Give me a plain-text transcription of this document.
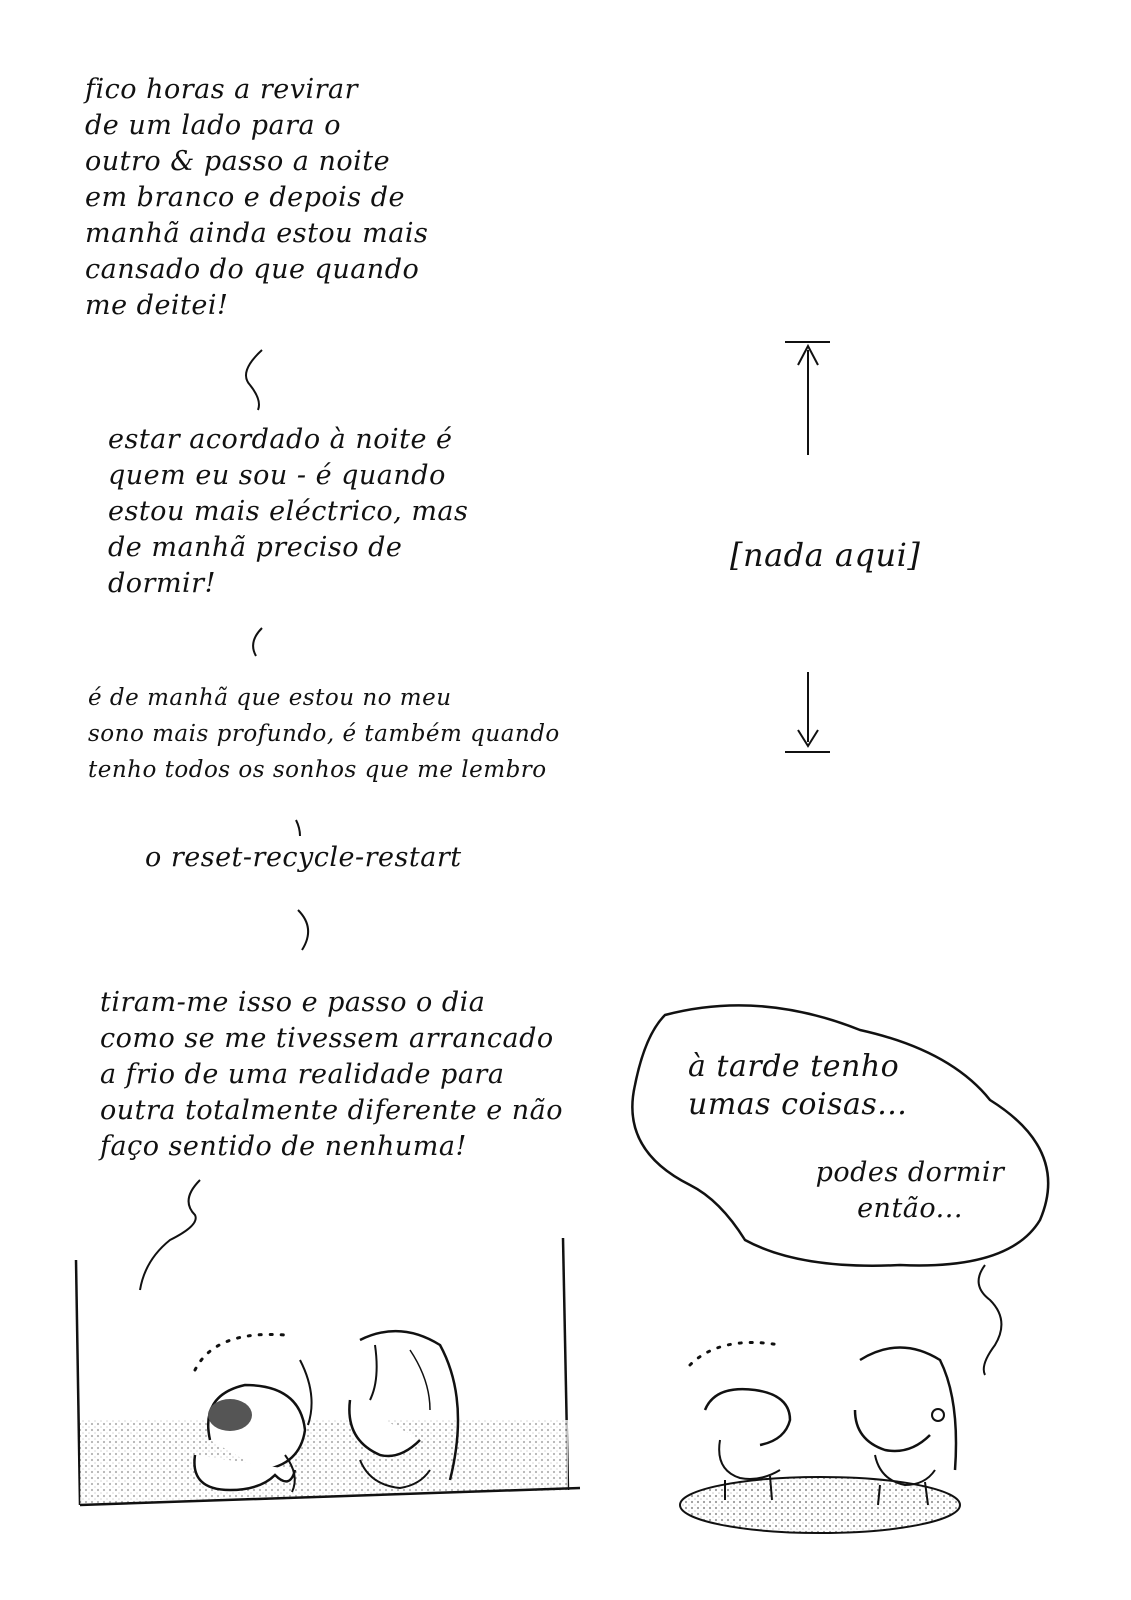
fico horas a revirar
de um lado para o
outro & passo a noite
em branco e depois de
manhã ainda estou mais
cansado do que quando
me deitei!
estar acordado à noite é
quem eu sou - é quando
estou mais eléctrico, mas
de manhã preciso de
dormir!
é de manhã que estou no meu
sono mais profundo, é também quando
tenho todos os sonhos que me lembro
o reset-recycle-restart
tiram-me isso e passo o dia
como se me tivessem arrancado
a frio de uma realidade para
outra totalmente diferente e não
faço sentido de nenhuma!
[nada aqui]
à tarde tenho
umas coisas...
podes dormir
então...
